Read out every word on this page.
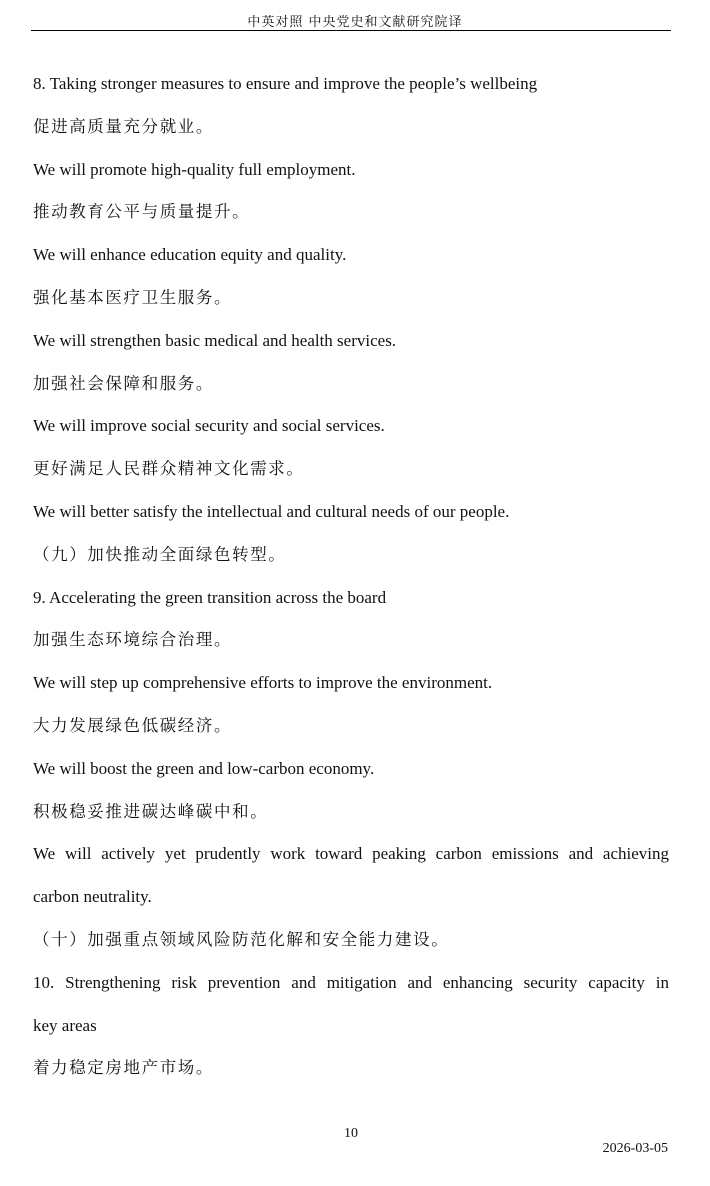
中英对照 中央党史和文献研究院译
8. Taking stronger measures to ensure and improve the people’s wellbeing
促进高质量充分就业。
We will promote high-quality full employment.
推动教育公平与质量提升。
We will enhance education equity and quality.
强化基本医疗卫生服务。
We will strengthen basic medical and health services.
加强社会保障和服务。
We will improve social security and social services.
更好满足人民群众精神文化需求。
We will better satisfy the intellectual and cultural needs of our people.
（九）加快推动全面绿色转型。
9. Accelerating the green transition across the board
加强生态环境综合治理。
We will step up comprehensive efforts to improve the environment.
大力发展绿色低碳经济。
We will boost the green and low-carbon economy.
积极稳妥推进碳达峰碳中和。
We will actively yet prudently work toward peaking carbon emissions and achieving
carbon neutrality.
（十）加强重点领域风险防范化解和安全能力建设。
10. Strengthening risk prevention and mitigation and enhancing security capacity in
key areas
着力稳定房地产市场。
10
2026-03-05
